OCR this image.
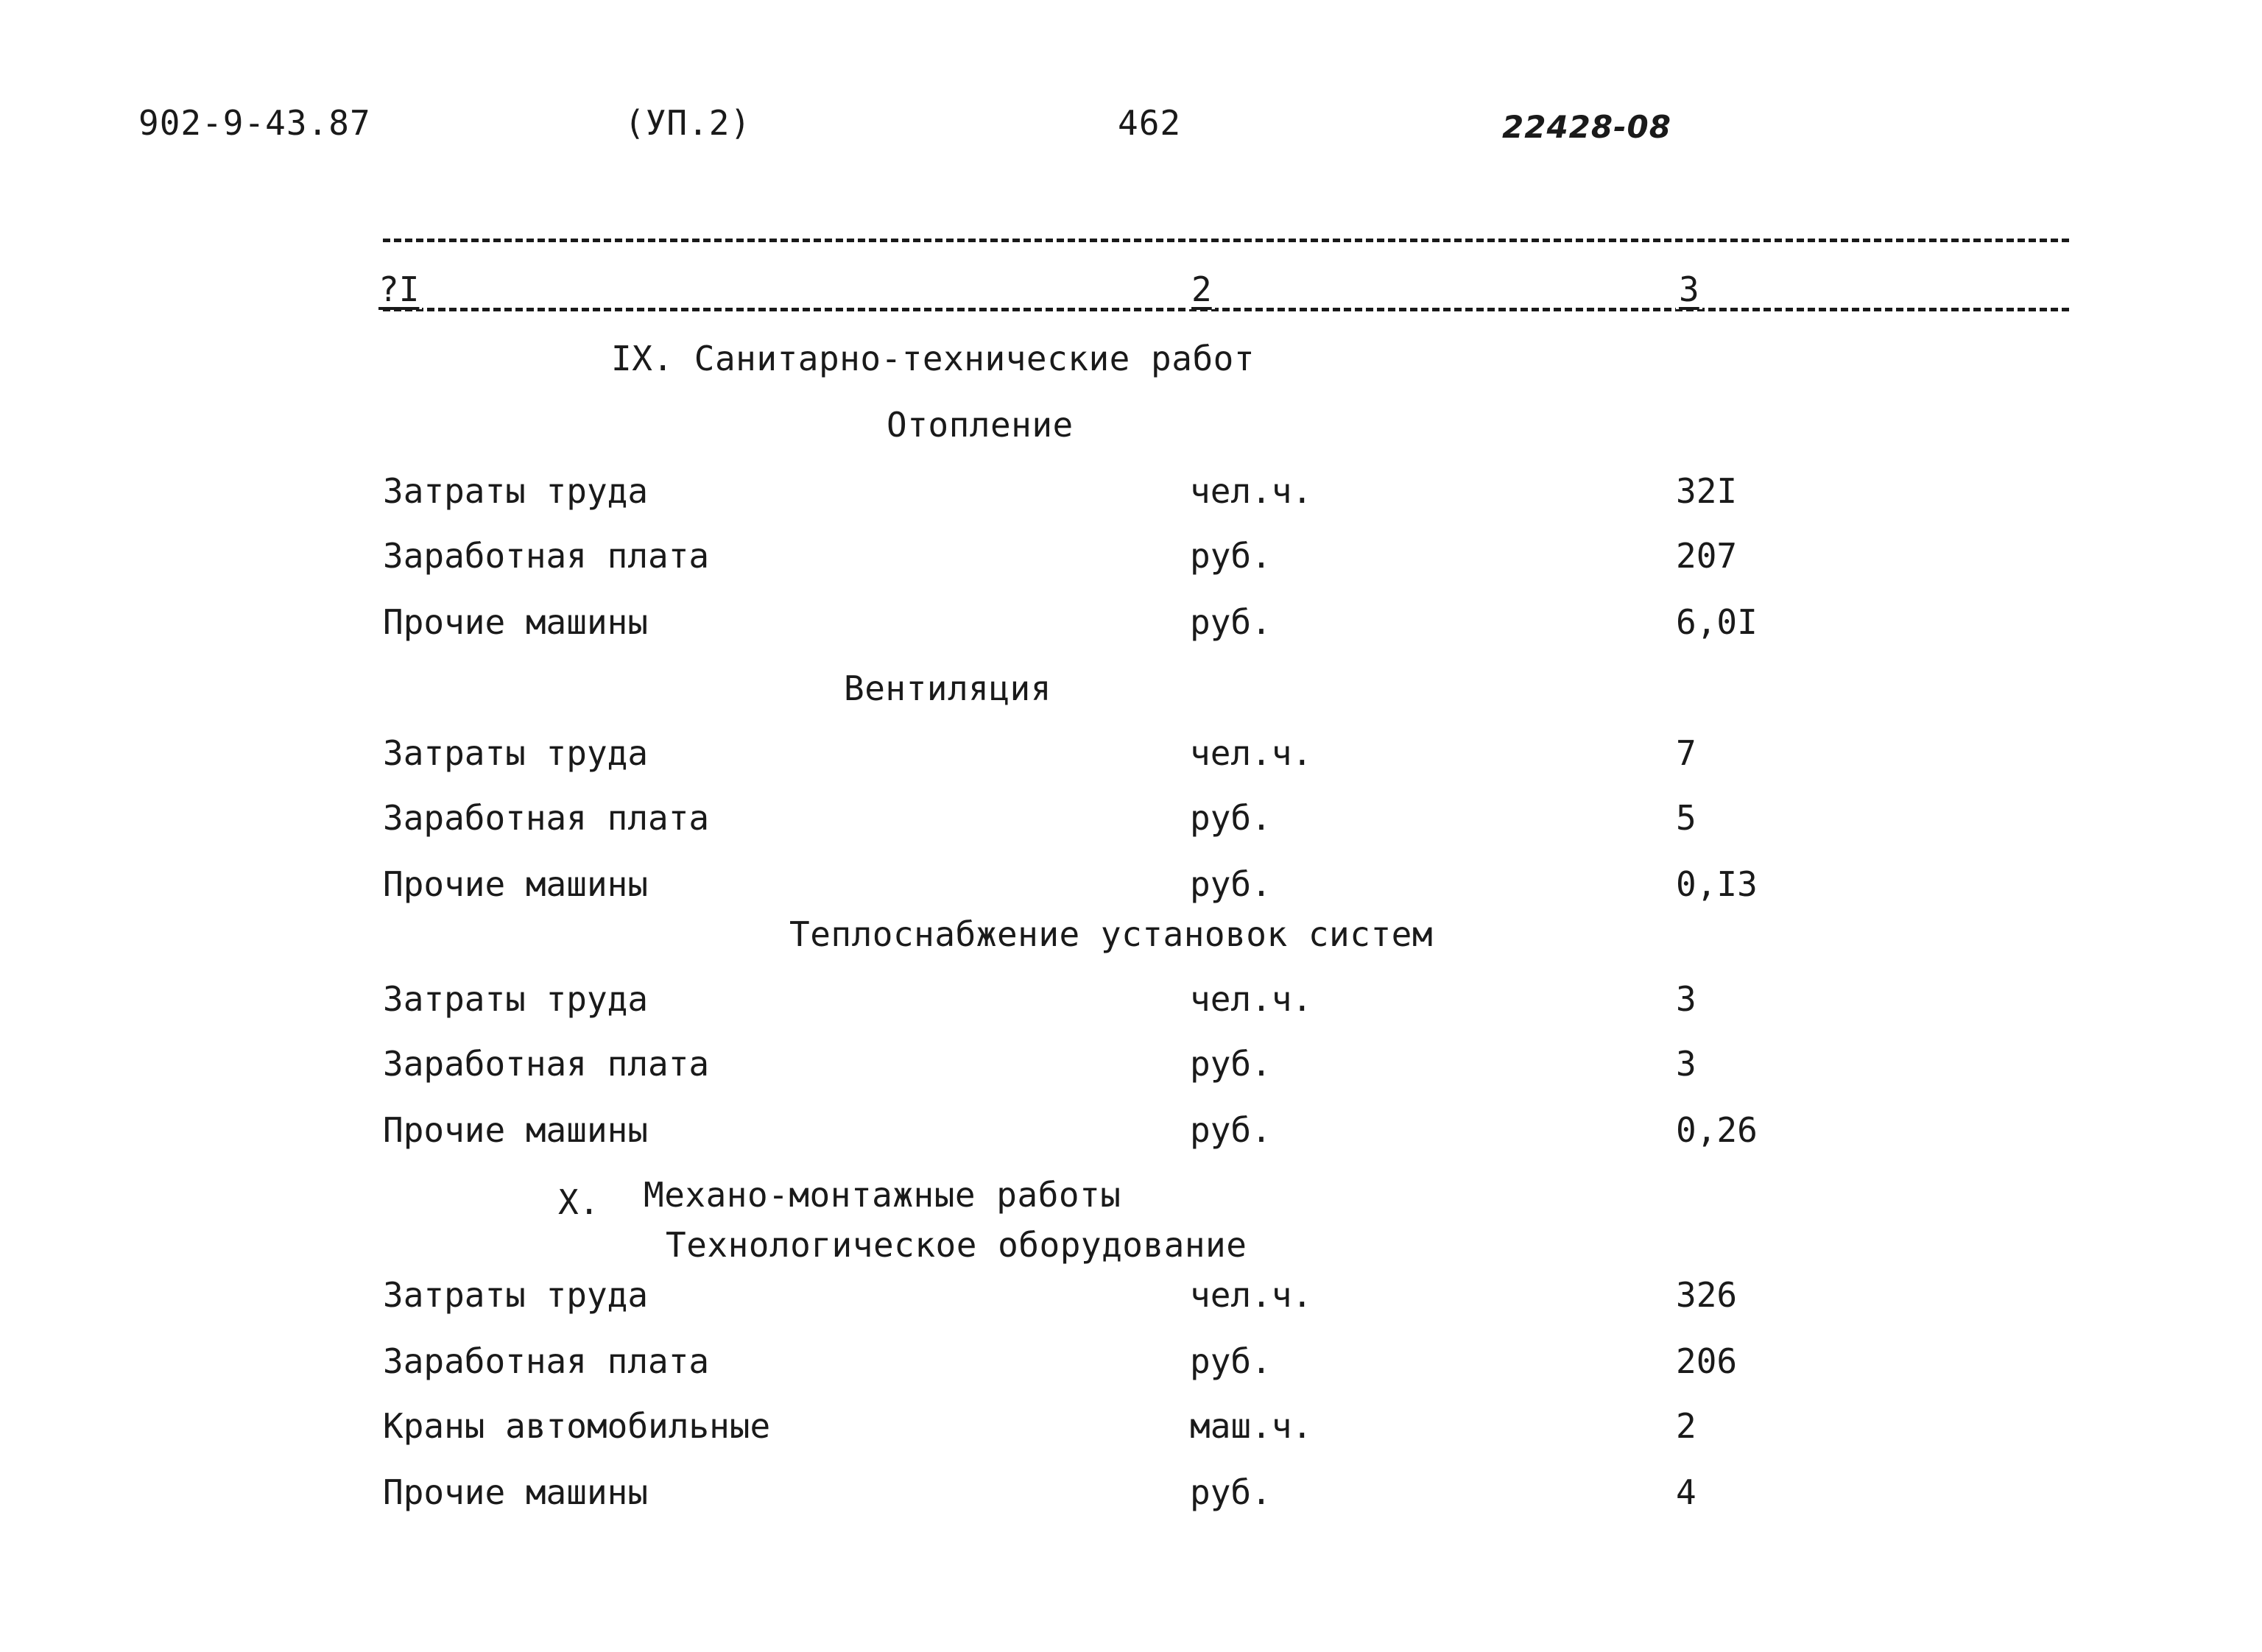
902-9-43.87	(УП.2)	462	22428-08
?I	2	3
IX. Санитарно-технические работ
Отопление
Затраты труда	чел.ч.	32I
Заработная плата	руб.	207
Прочие машины	руб.	6,0I
Вентиляция
Затраты труда	чел.ч.	7
Заработная плата	руб.	5
Прочие машины	руб.	0,I3
Теплоснабжение установок систем
Затраты труда	чел.ч.	3
Заработная плата	руб.	3
Прочие машины	руб.	0,26
X. Механо-монтажные работы
Технологическое оборудование
Затраты труда	чел.ч.	326
Заработная плата	руб.	206
Краны автомобильные	маш.ч.	2
Прочие машины	руб.	4
